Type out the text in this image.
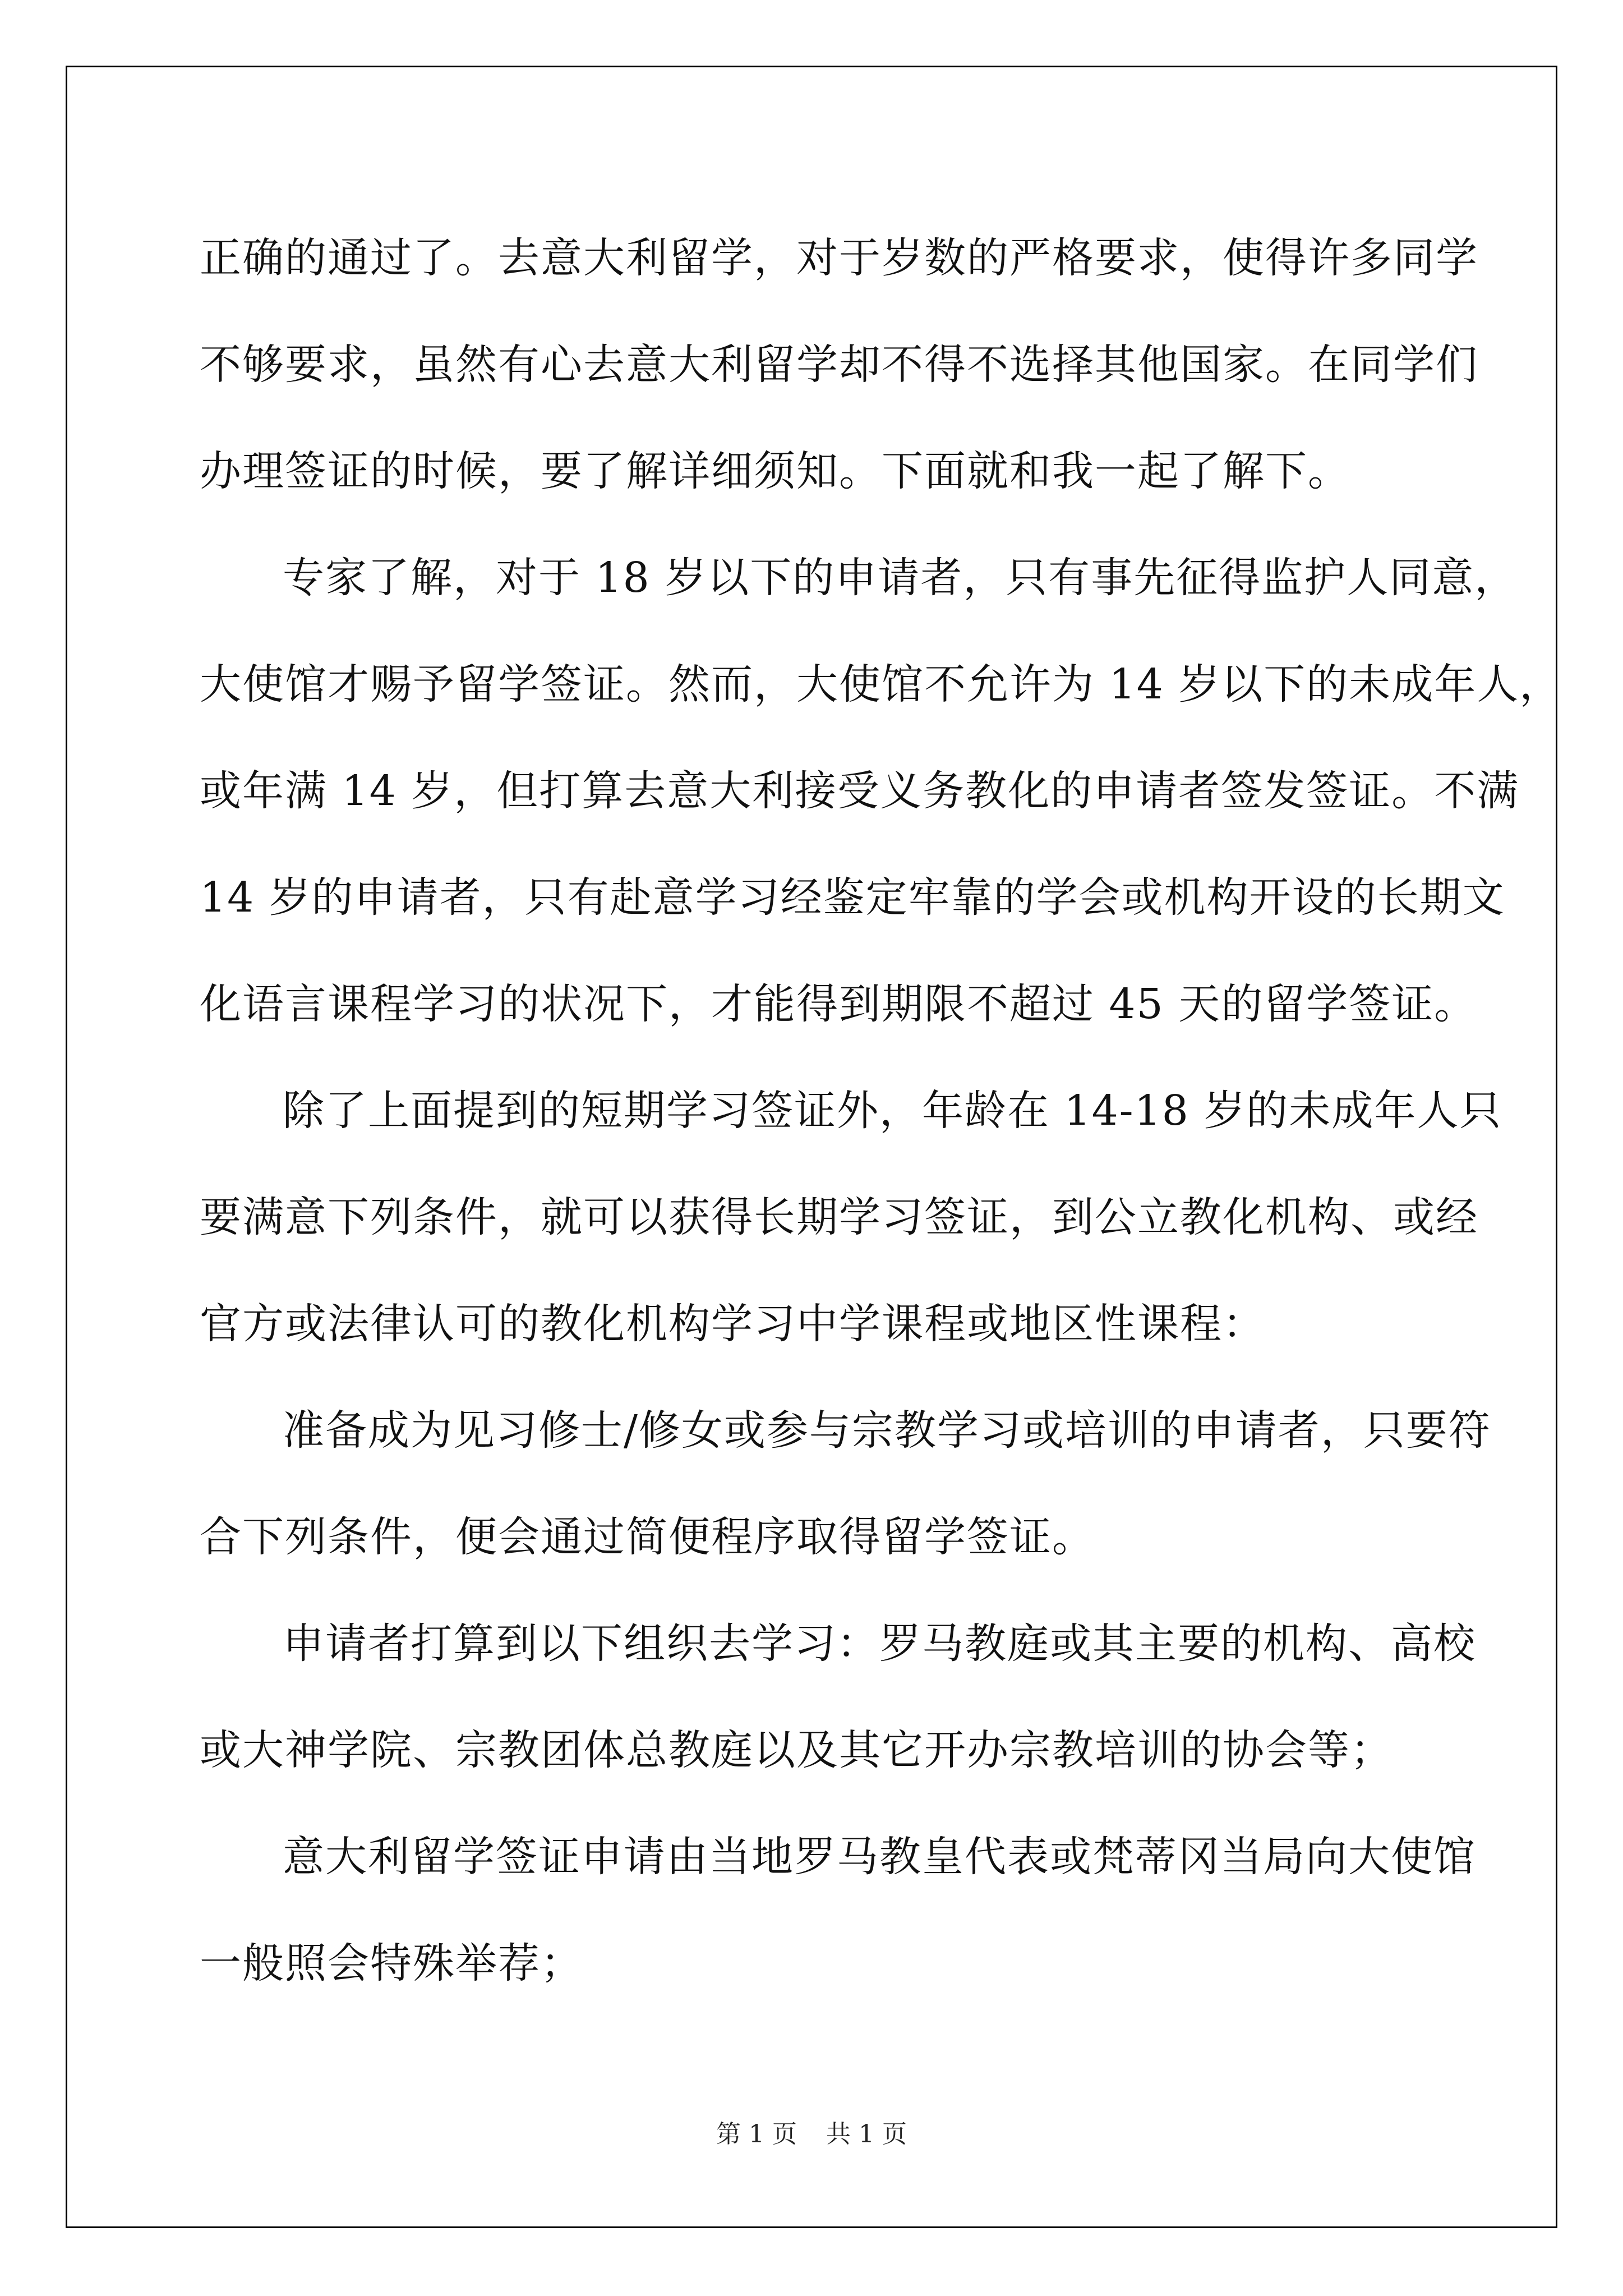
正确的通过了。去意大利留学，对于岁数的严格要求，使得许多同学
不够要求，虽然有心去意大利留学却不得不选择其他国家。在同学们
办理签证的时候，要了解详细须知。下面就和我一起了解下。

专家了解，对于 18 岁以下的申请者，只有事先征得监护人同意，
大使馆才赐予留学签证。然而，大使馆不允许为 14 岁以下的未成年人，
或年满 14 岁，但打算去意大利接受义务教化的申请者签发签证。不满
14 岁的申请者，只有赴意学习经鉴定牢靠的学会或机构开设的长期文
化语言课程学习的状况下，才能得到期限不超过 45 天的留学签证。

除了上面提到的短期学习签证外，年龄在 14-18 岁的未成年人只
要满意下列条件，就可以获得长期学习签证，到公立教化机构、或经
官方或法律认可的教化机构学习中学课程或地区性课程：

准备成为见习修士/修女或参与宗教学习或培训的申请者，只要符
合下列条件，便会通过简便程序取得留学签证。

申请者打算到以下组织去学习：罗马教庭或其主要的机构、高校
或大神学院、宗教团体总教庭以及其它开办宗教培训的协会等；

意大利留学签证申请由当地罗马教皇代表或梵蒂冈当局向大使馆
一般照会特殊举荐；

第 1 页 共 1 页
